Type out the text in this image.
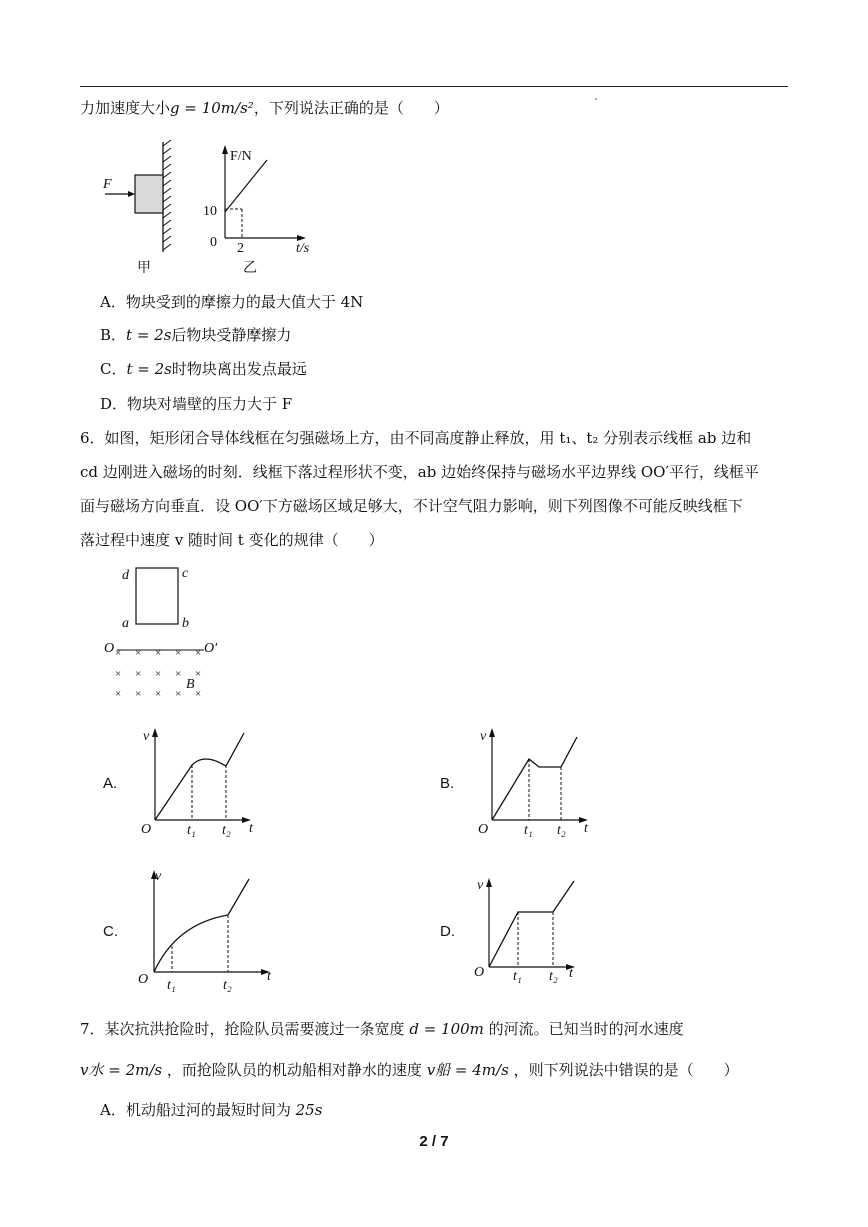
力加速度大小g = 10m/s²，下列说法正确的是（　　）
F
甲
F/N
10
0 2	t/s
乙
A．物块受到的摩擦力的最大值大于 4N
B．t = 2s后物块受静摩擦力
C．t = 2s时物块离出发点最远
D．物块对墙壁的压力大于 F
6．如图，矩形闭合导体线框在匀强磁场上方，由不同高度静止释放，用 t₁、t₂ 分别表示线框 ab 边和
cd 边刚进入磁场的时刻．线框下落过程形状不变，ab 边始终保持与磁场水平边界线 OO′平行，线框平
面与磁场方向垂直．设 OO′下方磁场区域足够大，不计空气阻力影响，则下列图像不可能反映线框下
落过程中速度 v 随时间 t 变化的规律（　　）
d	c
a	b
O	O′
× × × × ×
× × × × ×
× × × × ×
B
A.	B.
C.	D.
v
O	t₁ t₂ t
v
O	t₁ t₂ t
v
O t₁	t₂
t
v
O t₁ t₂ t
7．某次抗洪抢险时，抢险队员需要渡过一条宽度 d = 100m 的河流。已知当时的河水速度
v水 = 2m/s ，而抢险队员的机动船相对静水的速度 v船 = 4m/s ，则下列说法中错误的是（　　）
A．机动船过河的最短时间为 25s
2 / 7
